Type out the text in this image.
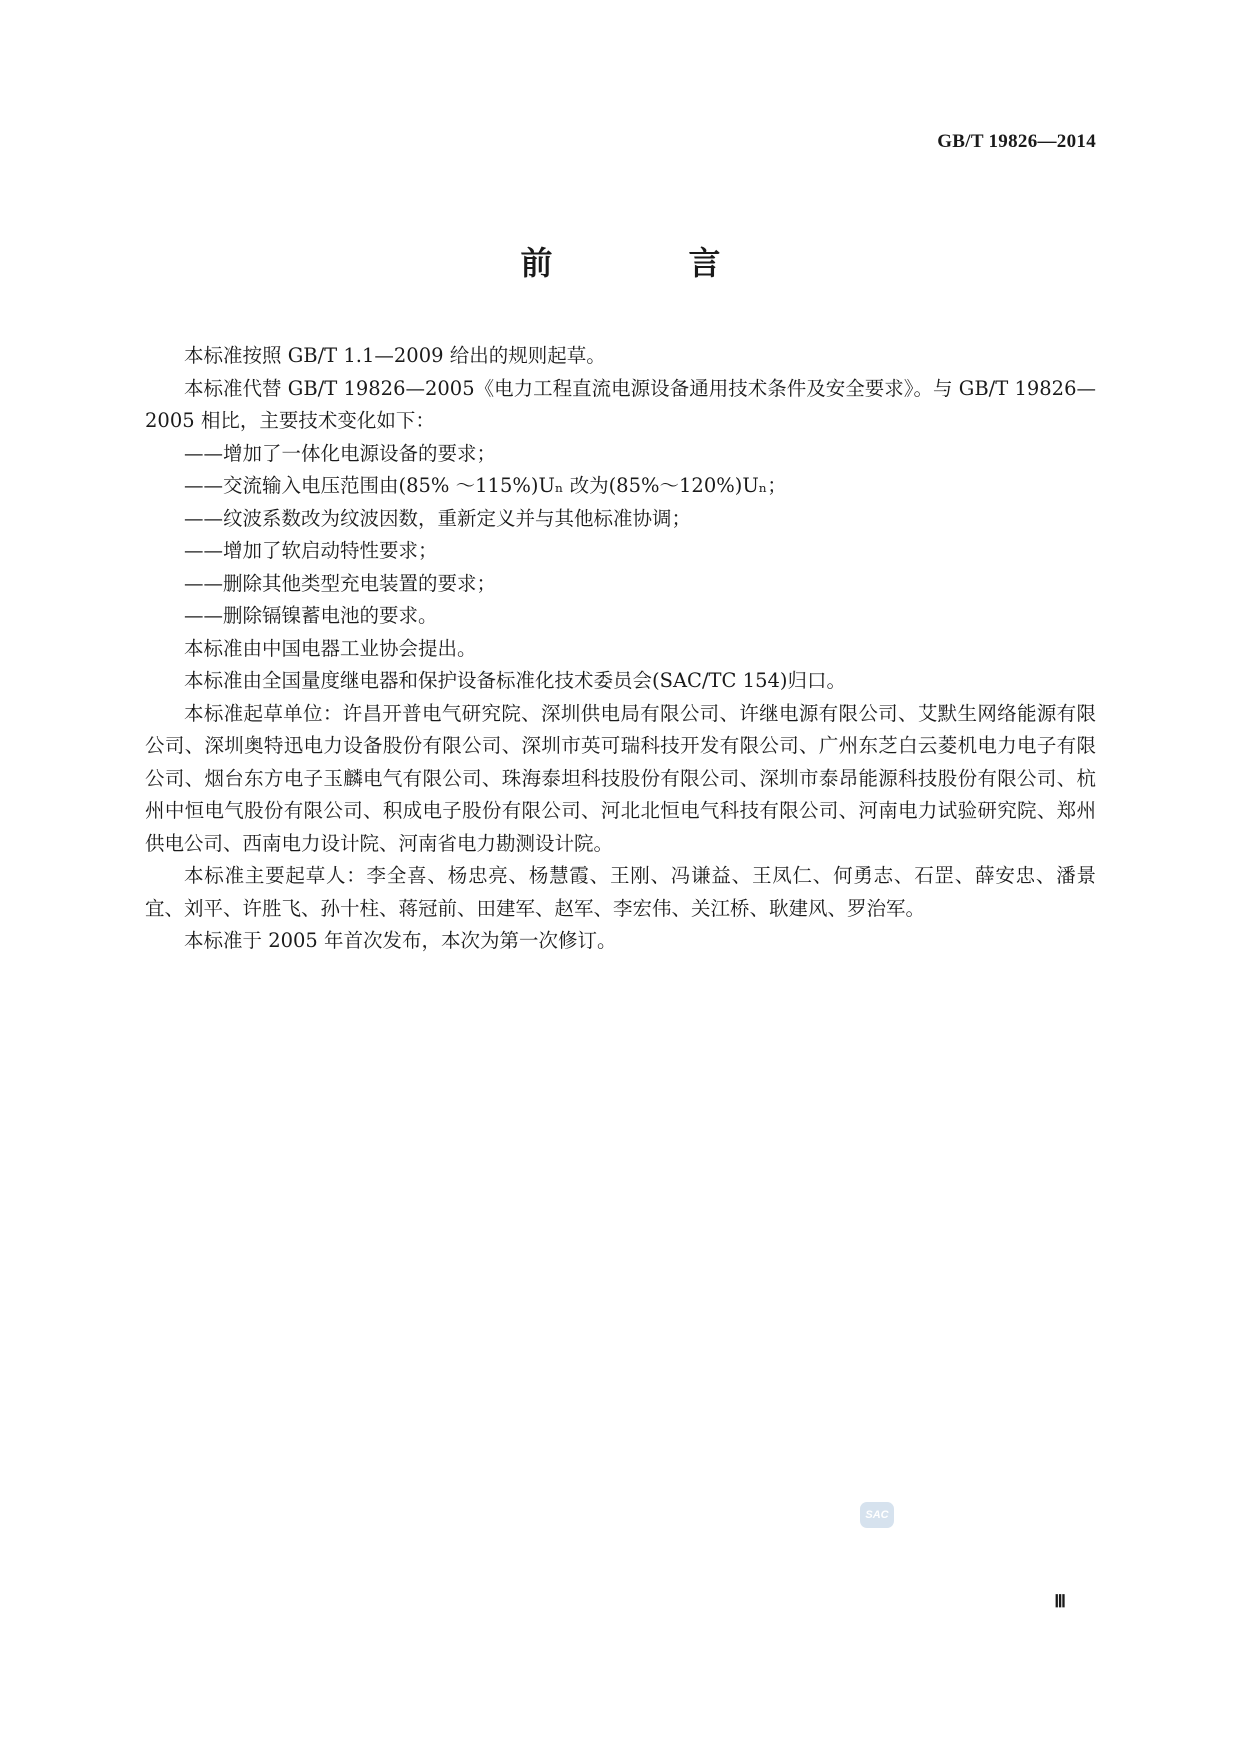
GB/T 19826—2014
前　言

本标准按照 GB/T 1.1—2009 给出的规则起草。

本标准代替 GB/T 19826—2005《电力工程直流电源设备通用技术条件及安全要求》。与 GB/T 19826—2005 相比，主要技术变化如下：

——增加了一体化电源设备的要求；

——交流输入电压范围由(85% ～115%)Uₙ 改为(85%～120%)Uₙ；

——纹波系数改为纹波因数，重新定义并与其他标准协调；

——增加了软启动特性要求；

——删除其他类型充电装置的要求；

——删除镉镍蓄电池的要求。

本标准由中国电器工业协会提出。

本标准由全国量度继电器和保护设备标准化技术委员会(SAC/TC 154)归口。

本标准起草单位：许昌开普电气研究院、深圳供电局有限公司、许继电源有限公司、艾默生网络能源有限公司、深圳奥特迅电力设备股份有限公司、深圳市英可瑞科技开发有限公司、广州东芝白云菱机电力电子有限公司、烟台东方电子玉麟电气有限公司、珠海泰坦科技股份有限公司、深圳市泰昂能源科技股份有限公司、杭州中恒电气股份有限公司、积成电子股份有限公司、河北北恒电气科技有限公司、河南电力试验研究院、郑州供电公司、西南电力设计院、河南省电力勘测设计院。

本标准主要起草人：李全喜、杨忠亮、杨慧霞、王刚、冯谦益、王凤仁、何勇志、石罡、薛安忠、潘景宜、刘平、许胜飞、孙十柱、蒋冠前、田建军、赵军、李宏伟、关江桥、耿建风、罗治军。

本标准于 2005 年首次发布，本次为第一次修订。

SAC
Ⅲ
